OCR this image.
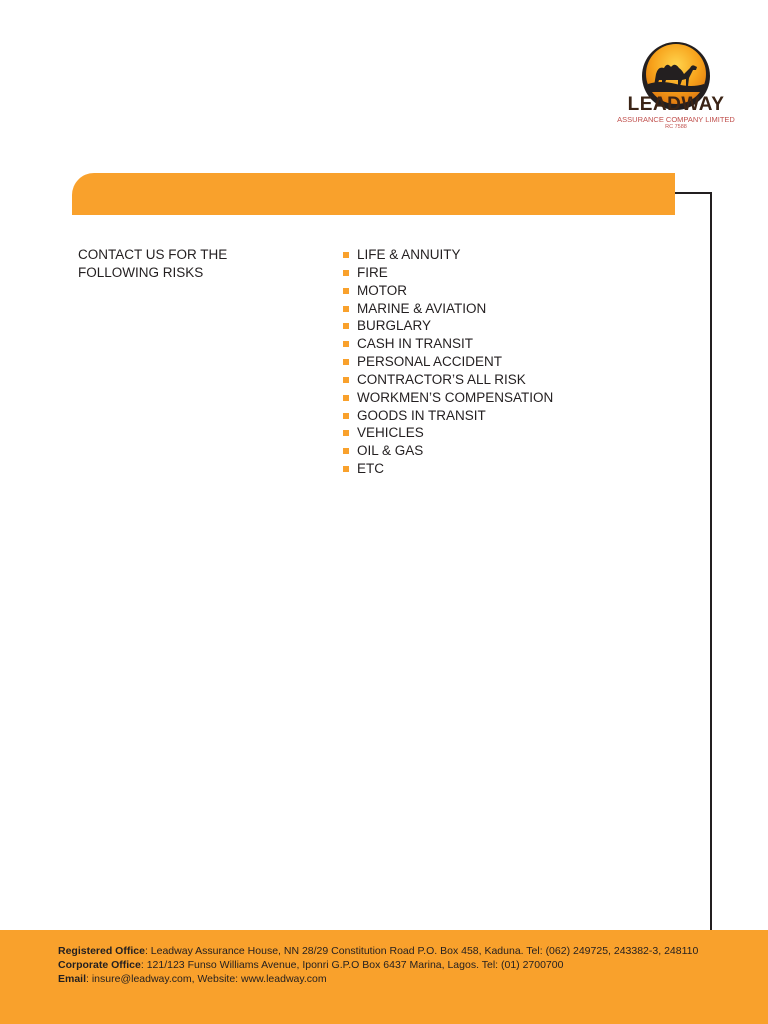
LEADWAY
ASSURANCE COMPANY LIMITED
RC 7588
CONTACT US FOR THE
FOLLOWING RISKS
LIFE & ANNUITY
FIRE
MOTOR
MARINE & AVIATION
BURGLARY
CASH IN TRANSIT
PERSONAL ACCIDENT
CONTRACTOR’S ALL RISK
WORKMEN’S COMPENSATION
GOODS IN TRANSIT
VEHICLES
OIL & GAS
ETC
Registered Office: Leadway Assurance House, NN 28/29 Constitution Road P.O. Box 458, Kaduna. Tel: (062) 249725, 243382-3, 248110
Corporate Office: 121/123 Funso Williams Avenue, Iponri G.P.O Box 6437 Marina, Lagos. Tel: (01) 2700700
Email: insure@leadway.com, Website: www.leadway.com
